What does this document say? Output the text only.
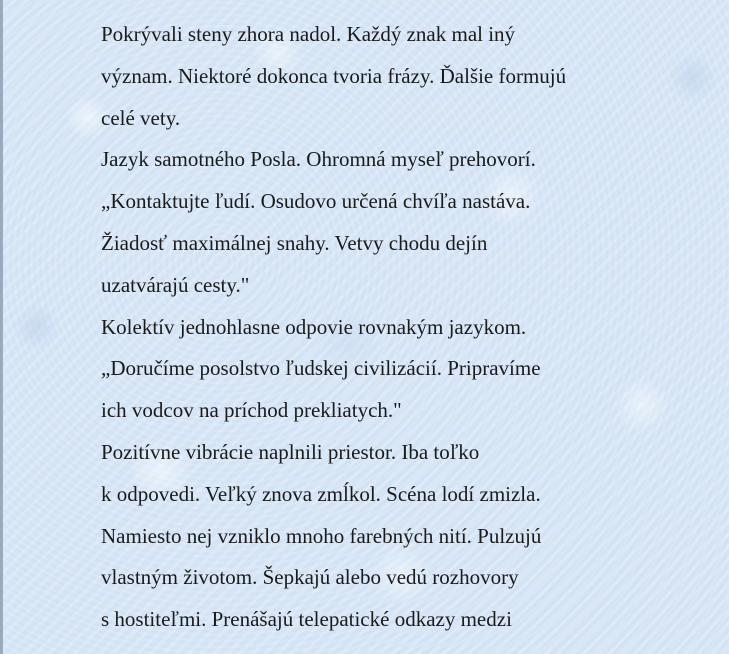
Pokrývali steny zhora nadol. Každý znak mal iný
význam. Niektoré dokonca tvoria frázy. Ďalšie formujú
celé vety.
Jazyk samotného Posla. Ohromná myseľ prehovorí.
„Kontaktujte ľudí. Osudovo určená chvíľa nastáva.
Žiadosť maximálnej snahy. Vetvy chodu dejín
uzatvárajú cesty."
Kolektív jednohlasne odpovie rovnakým jazykom.
„Doručíme posolstvo ľudskej civilizácií. Pripravíme
ich vodcov na príchod prekliatych."
Pozitívne vibrácie naplnili priestor. Iba toľko
k odpovedi. Veľký znova zmĺkol. Scéna lodí zmizla.
Namiesto nej vzniklo mnoho farebných nití. Pulzujú
vlastným životom. Šepkajú alebo vedú rozhovory
s hostiteľmi. Prenášajú telepatické odkazy medzi
